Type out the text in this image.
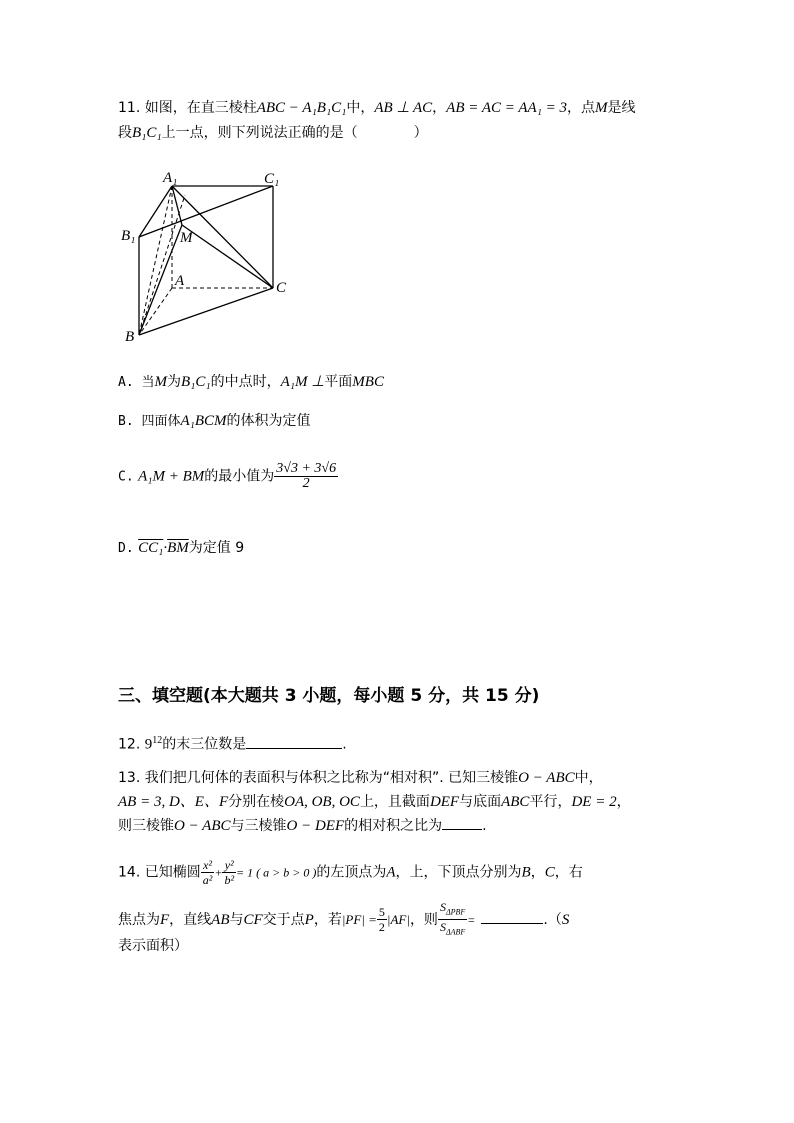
11. 如图，在直三棱柱ABC − A₁B₁C₁中，AB ⊥ AC，AB = AC = AA₁ = 3，点M是线
段B₁C₁上一点，则下列说法正确的是（　　　　）
A₁	C₁
B₁	M
A	C
B
A. 当M为B₁C₁的中点时，A₁M ⊥平面MBC
B. 四面体A₁BCM的体积为定值
C. A₁M + BM的最小值为 $\frac{3√3 + 3√6}{2}$
D. $CC_1\cdot\overline{BM}$为定值 9
三、填空题(本大题共 3 小题，每小题 5 分，共 15 分)
12. $9^{12}$的末三位数是	.
13. 我们把几何体的表面积与体积之比称为“相对积”. 已知三棱锥O − ABC中，
AB = 3, D、E、F分别在棱OA, OB, OC上，且截面DEF与底面ABC平行，DE = 2，
则三棱锥O − ABC与三棱锥O − DEF的相对积之比为	.
14. 已知椭圆 $\frac{\text{x²}}{\text{a²}} + \frac{\text{y²}}{\text{b²}} = 1$ ( a > b > 0 )的左顶点为A，上，下顶点分别为B，C，右
焦点为F，直线AB与CF交于点P，若$|PF| = \frac{5}{2} |AF|$，则 $\frac{S_{\Delta PBF}}{S_{\Delta ABF}}$ =	.（S
表示面积）
